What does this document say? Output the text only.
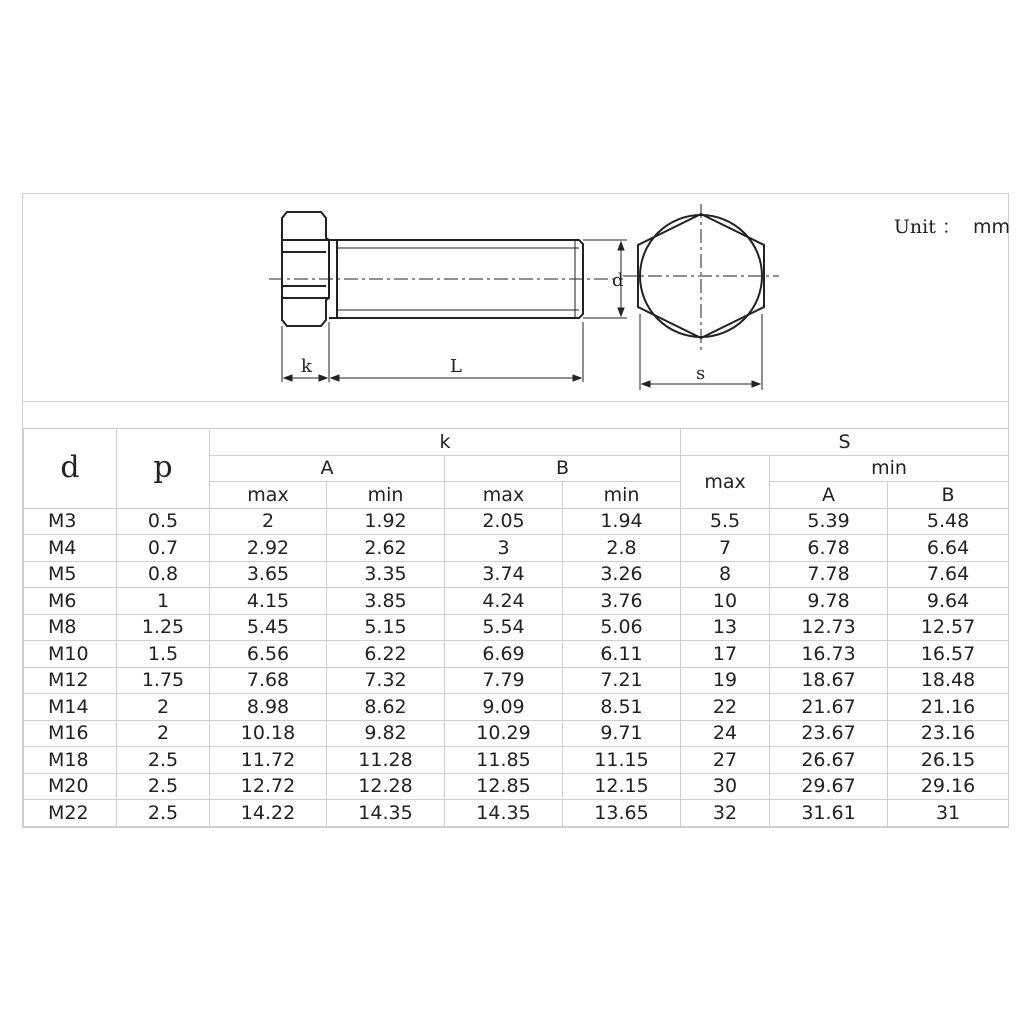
d
k	L	s
d	p	k				S		
		A		B		max	min	
		max	min	max	min		A	B
M3	0.5	2	1.92	2.05	1.94	5.5	5.39	5.48
M4	0.7	2.92	2.62	3	2.8	7	6.78	6.64
M5	0.8	3.65	3.35	3.74	3.26	8	7.78	7.64
M6	1	4.15	3.85	4.24	3.76	10	9.78	9.64
M8	1.25	5.45	5.15	5.54	5.06	13	12.73	12.57
M10	1.5	6.56	6.22	6.69	6.11	17	16.73	16.57
M12	1.75	7.68	7.32	7.79	7.21	19	18.67	18.48
M14	2	8.98	8.62	9.09	8.51	22	21.67	21.16
M16	2	10.18	9.82	10.29	9.71	24	23.67	23.16
M18	2.5	11.72	11.28	11.85	11.15	27	26.67	26.15
M20	2.5	12.72	12.28	12.85	12.15	30	29.67	29.16
M22	2.5	14.22	14.35	14.35	13.65	32	31.61	31
Unit ： mm
